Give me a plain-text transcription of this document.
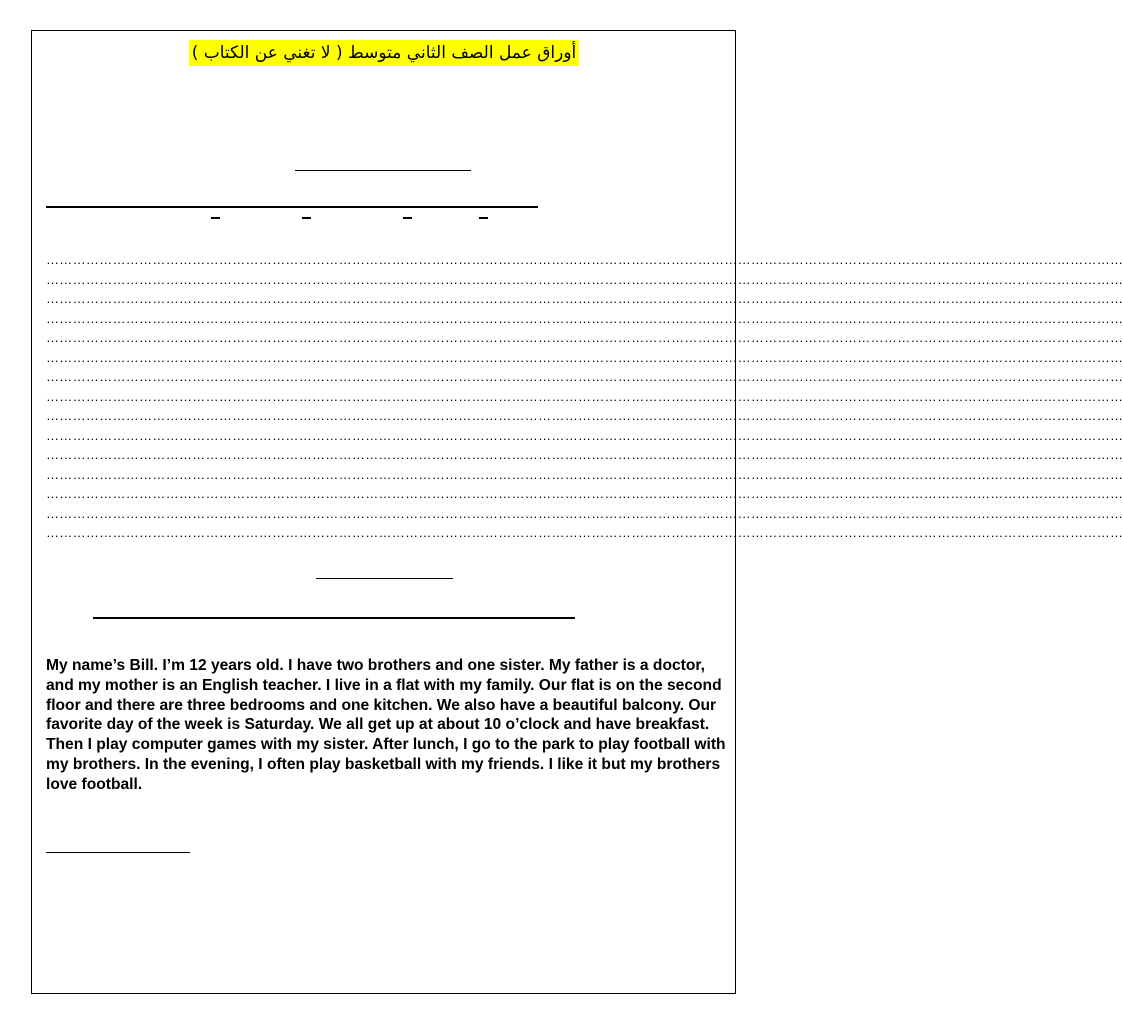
أوراق عمل الصف الثاني متوسط ( لا تغني عن الكتاب )
………………………………………………………………………………………………………………………………………………………………………………………………………………………
………………………………………………………………………………………………………………………………………………………………………………………………………………………
………………………………………………………………………………………………………………………………………………………………………………………………………………………
………………………………………………………………………………………………………………………………………………………………………………………………………………………
………………………………………………………………………………………………………………………………………………………………………………………………………………………
………………………………………………………………………………………………………………………………………………………………………………………………………………………
………………………………………………………………………………………………………………………………………………………………………………………………………………………
………………………………………………………………………………………………………………………………………………………………………………………………………………………
………………………………………………………………………………………………………………………………………………………………………………………………………………………
………………………………………………………………………………………………………………………………………………………………………………………………………………………
………………………………………………………………………………………………………………………………………………………………………………………………………………………
………………………………………………………………………………………………………………………………………………………………………………………………………………………
………………………………………………………………………………………………………………………………………………………………………………………………………………………
………………………………………………………………………………………………………………………………………………………………………………………………………………………
………………………………………………………………………………………………………………………………………………………………………………………………………………………

My name’s Bill. I’m 12 years old. I have two brothers and one sister. My father is a doctor, and my mother is an English teacher. I live in a flat with my family. Our flat is on the second floor and there are three bedrooms and one kitchen. We also have a beautiful balcony. Our favorite day of the week is Saturday. We all get up at about 10 o’clock and have breakfast. Then I play computer games with my sister. After lunch, I go to the park to play football with my brothers. In the evening, I often play basketball with my friends. I like it but my brothers love football.
